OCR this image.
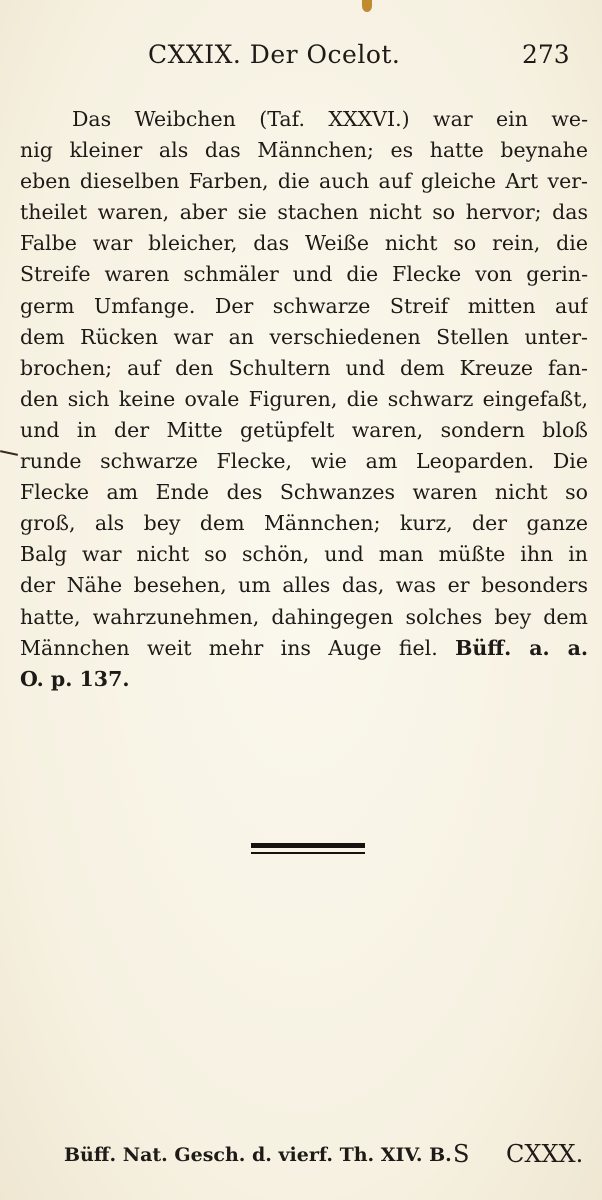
CXXIX. Der Ocelot.	273
Das Weibchen (Taf. XXXVI.) war ein we-
nig kleiner als das Männchen; es hatte beynahe
eben dieselben Farben, die auch auf gleiche Art ver-
theilet waren, aber sie stachen nicht so hervor; das
Falbe war bleicher, das Weiße nicht so rein, die
Streife waren schmäler und die Flecke von gerin-
germ Umfange. Der schwarze Streif mitten auf
dem Rücken war an verschiedenen Stellen unter-
brochen; auf den Schultern und dem Kreuze fan-
den sich keine ovale Figuren, die schwarz eingefaßt,
und in der Mitte getüpfelt waren, sondern bloß
runde schwarze Flecke, wie am Leoparden. Die
Flecke am Ende des Schwanzes waren nicht so
groß, als bey dem Männchen; kurz, der ganze
Balg war nicht so schön, und man müßte ihn in
der Nähe besehen, um alles das, was er besonders
hatte, wahrzunehmen, dahingegen solches bey dem
Männchen weit mehr ins Auge fiel. Büff. a. a.
O. p. 137.
Büff. Nat. Gesch. d. vierf. Th. XIV. B. S CXXX.
